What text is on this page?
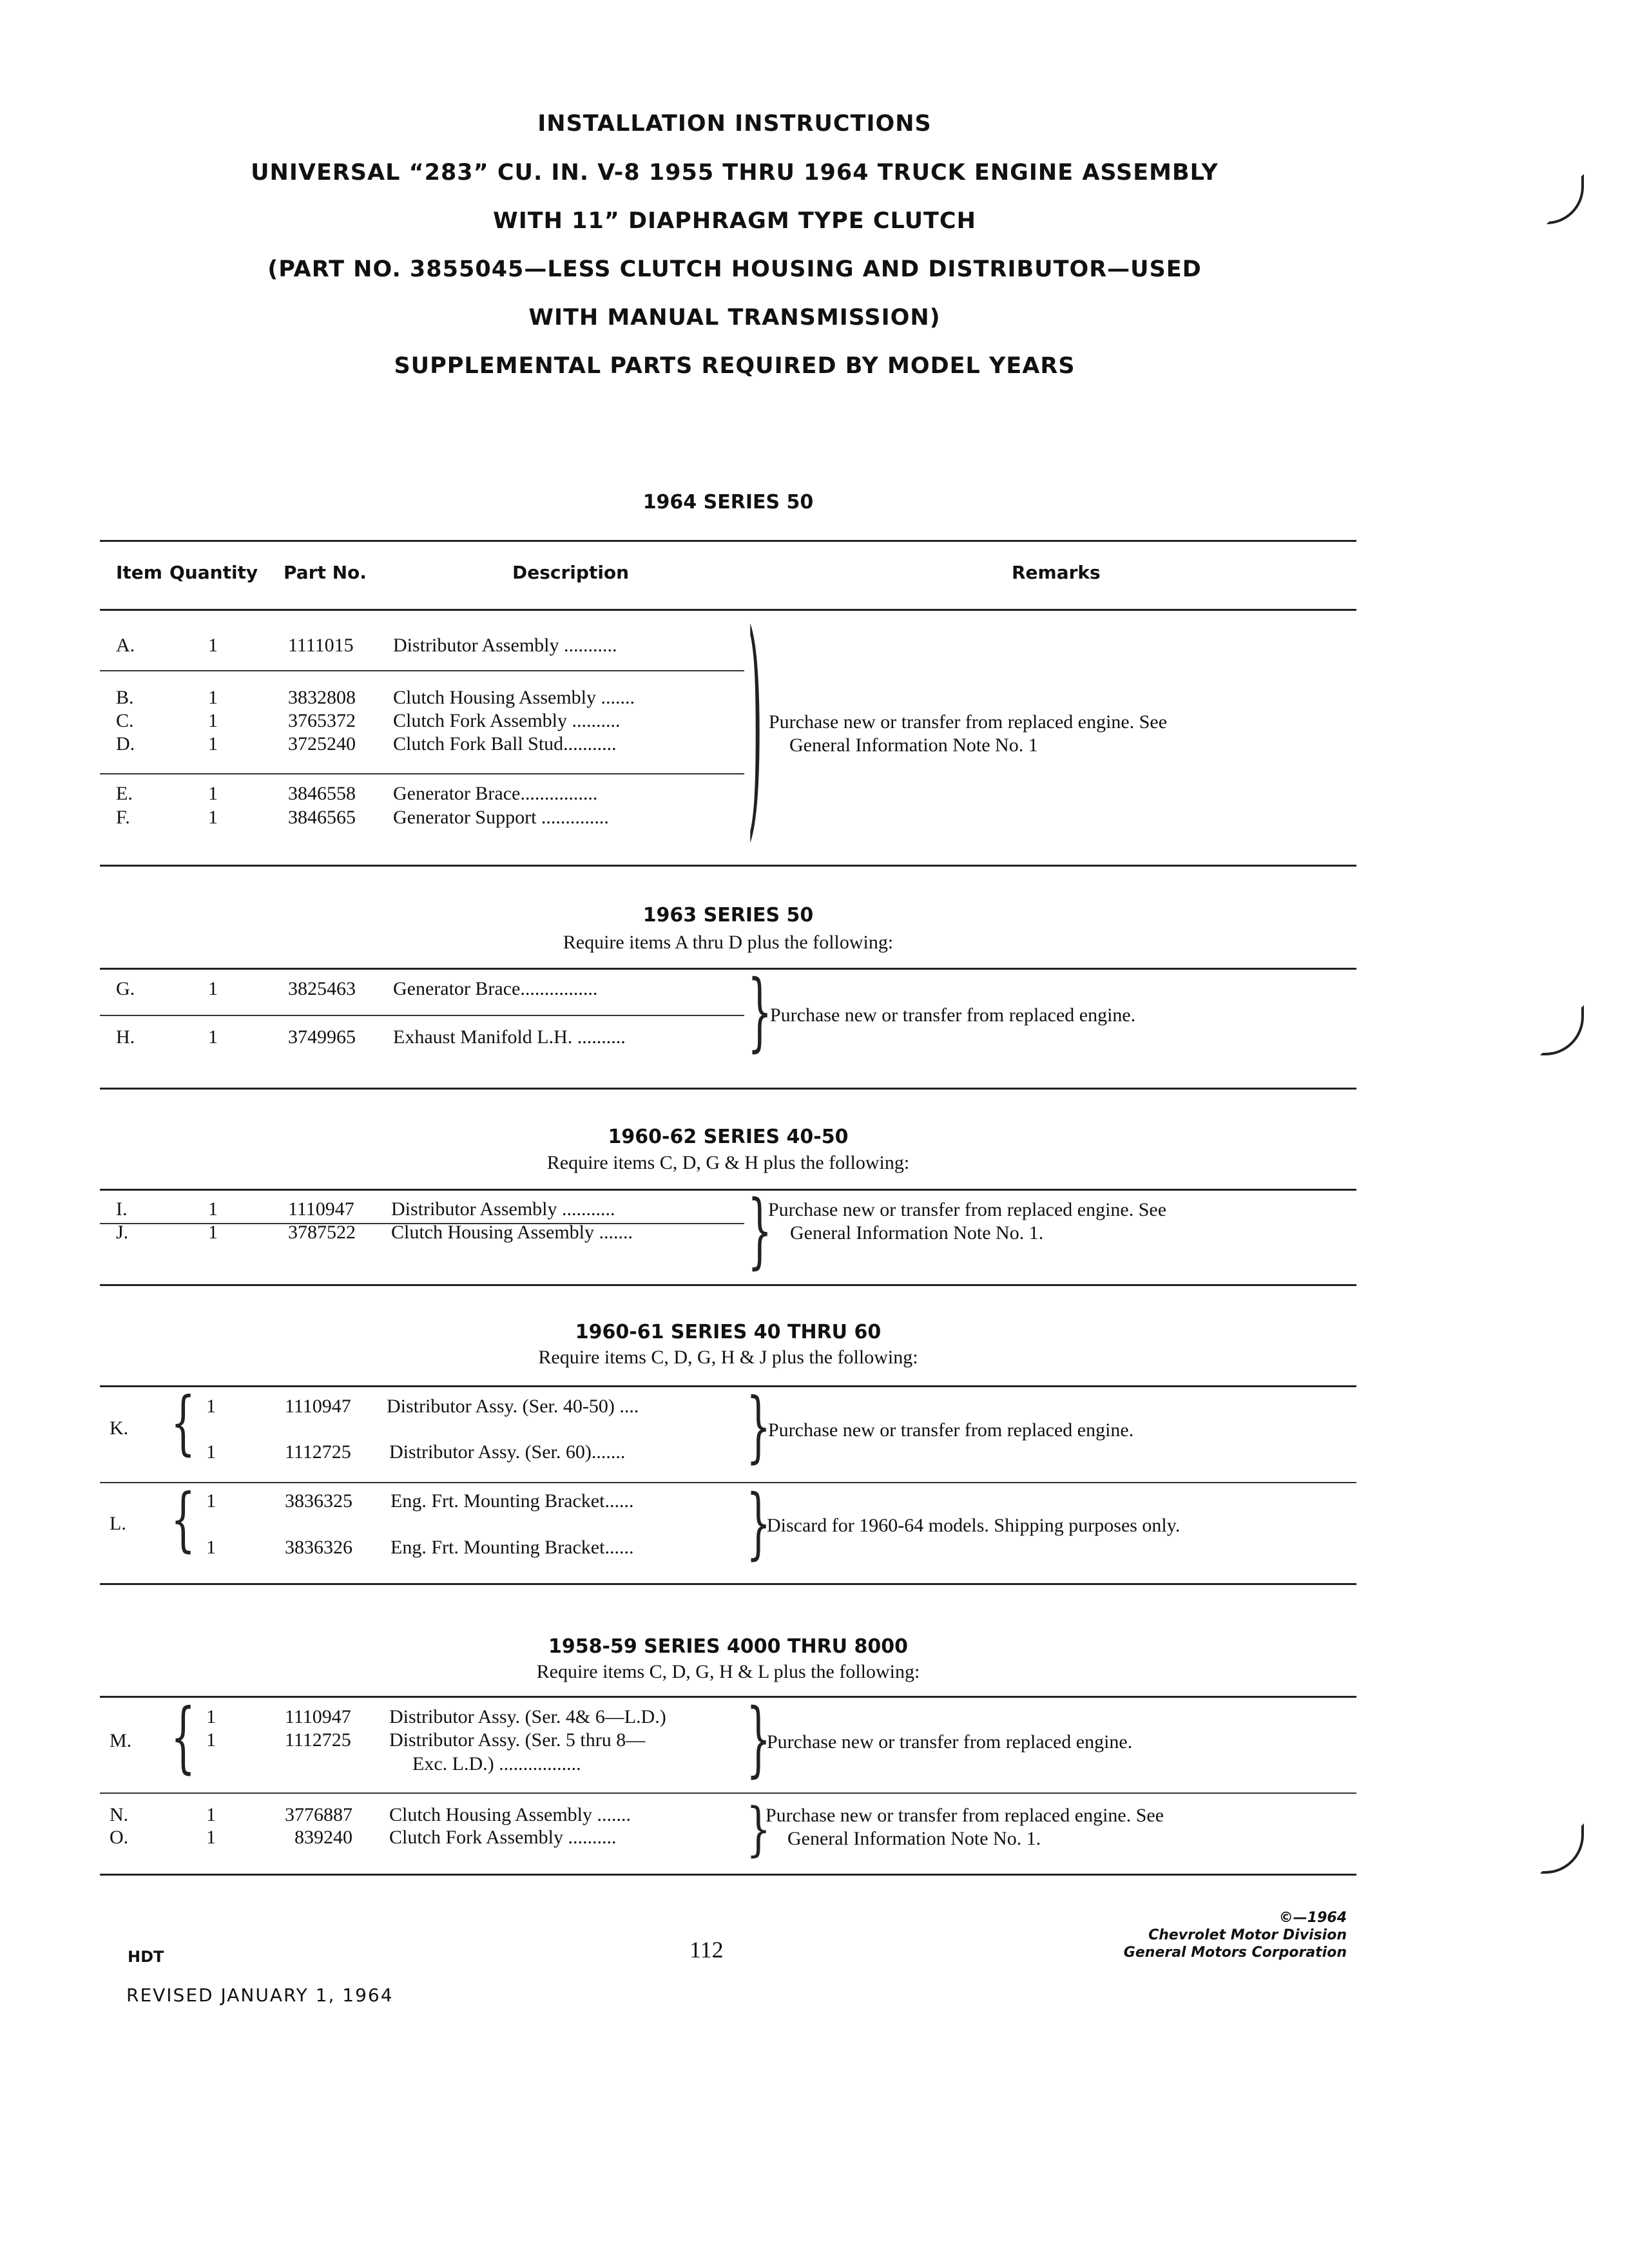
INSTALLATION INSTRUCTIONS
UNIVERSAL “283” CU. IN. V-8 1955 THRU 1964 TRUCK ENGINE ASSEMBLY
WITH 11” DIAPHRAGM TYPE CLUTCH
(PART NO. 3855045—LESS CLUTCH HOUSING AND DISTRIBUTOR—USED
WITH MANUAL TRANSMISSION)
SUPPLEMENTAL PARTS REQUIRED BY MODEL YEARS
1964 SERIES 50
Item Quantity Part No.	Description	Remarks
A.	1	1111015 Distributor Assembly ...........
B.	1	3832808 Clutch Housing Assembly .......
C.	1	3765372 Clutch Fork Assembly ..........
D.	1	3725240 Clutch Fork Ball Stud...........
E.	1	3846558 Generator Brace................
F.	1	3846565 Generator Support ..............	) Purchase new or transfer from replaced engine. See
General Information Note No. 1
1963 SERIES 50
Require items A thru D plus the following:
G.	1	3825463 Generator Brace................
H.	1	3749965 Exhaust Manifold L.H. ..........	}
Purchase new or transfer from replaced engine.
1960-62 SERIES 40-50
Require items C, D, G & H plus the following:
I.	1	1110947 Distributor Assembly ...........
J.	1	3787522 Clutch Housing Assembly .......	}
Purchase new or transfer from replaced engine. See
General Information Note No. 1.
1960-61 SERIES 40 THRU 60
Require items C, D, G, H & J plus the following:
K. { 1	1110947 Distributor Assy. (Ser. 40-50) ....
1	1112725 Distributor Assy. (Ser. 60).......	}
Purchase new or transfer from replaced engine.
L. { 1	3836325 Eng. Frt. Mounting Bracket......
1	3836326 Eng. Frt. Mounting Bracket......	}
Discard for 1960-64 models. Shipping purposes only.
1958-59 SERIES 4000 THRU 8000
Require items C, D, G, H & L plus the following:
M. { 1	1110947 Distributor Assy. (Ser. 4& 6—L.D.)
1	1112725 Distributor Assy. (Ser. 5 thru 8—
Exc. L.D.) .................	}
Purchase new or transfer from replaced engine.
N.	1	3776887 Clutch Housing Assembly .......
O.	1	839240 Clutch Fork Assembly ..........	}
Purchase new or transfer from replaced engine. See
General Information Note No. 1.
HDT	112
REVISED JANUARY 1, 1964
©—1964
Chevrolet Motor Division
General Motors Corporation
